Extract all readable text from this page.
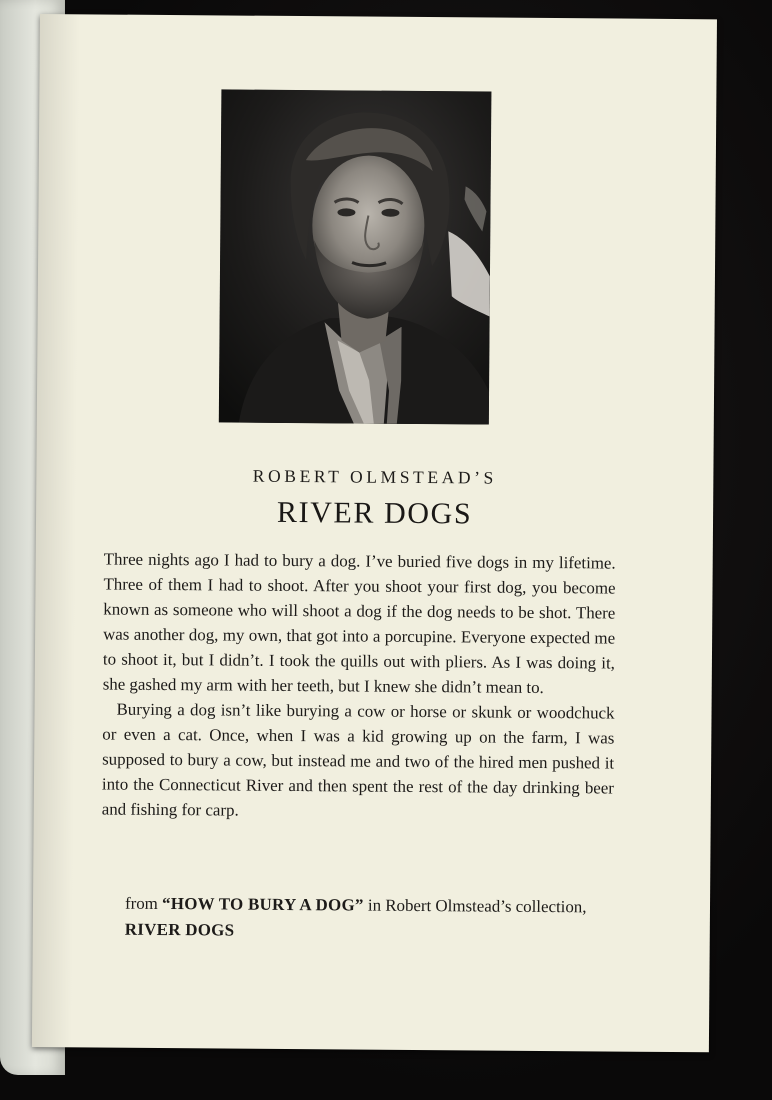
ROBERT OLMSTEAD’S
RIVER DOGS

Three nights ago I had to bury a dog. I’ve buried five dogs in my lifetime. Three of them I had to shoot. After you shoot your first dog, you become known as someone who will shoot a dog if the dog needs to be shot. There was another dog, my own, that got into a porcupine. Everyone expected me to shoot it, but I didn’t. I took the quills out with pliers. As I was doing it, she gashed my arm with her teeth, but I knew she didn’t mean to.

Burying a dog isn’t like burying a cow or horse or skunk or woodchuck or even a cat. Once, when I was a kid growing up on the farm, I was supposed to bury a cow, but instead me and two of the hired men pushed it into the Connecticut River and then spent the rest of the day drinking beer and fishing for carp.

from “HOW TO BURY A DOG” in Robert Olmstead’s collection, RIVER DOGS
